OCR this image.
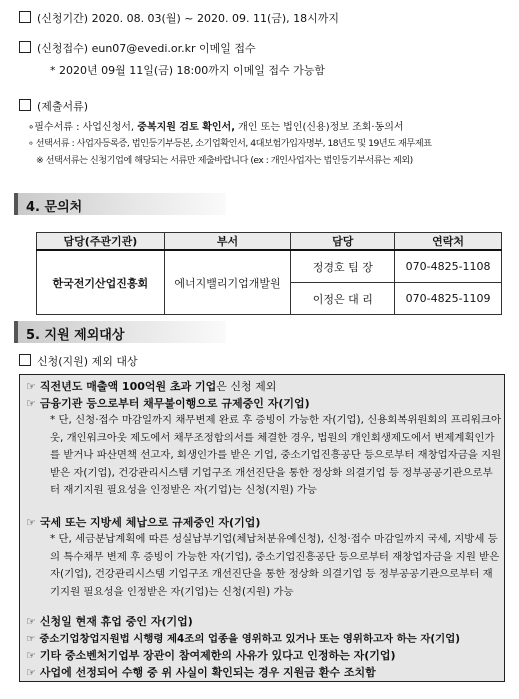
(신청기간) 2020. 08. 03(월) ~ 2020. 09. 11(금), 18시까지
(신청접수) eun07@evedi.or.kr 이메일 접수
* 2020년 09월 11일(금) 18:00까지 이메일 접수 가능함
(제출서류)
∘필수서류 : 사업신청서, 중복지원 검토 확인서, 개인 또는 법인(신용)정보 조회·동의서
∘ 선택서류 : 사업자등록증, 법인등기부등본, 소기업확인서, 4대보험가입자명부, 18년도 및 19년도 재무제표
※ 선택서류는 신청기업에 해당되는 서류만 제출바랍니다 (ex : 개인사업자는 법인등기부서류는 제외)
4. 문의처
담당(주관기관)	부서	담당	연락처
한국전기산업진흥회	에너지밸리기업개발원	정경호 팀 장	070-4825-1108
		이정은 대 리	070-4825-1109
5. 지원 제외대상
신청(지원) 제외 대상
☞ 직전년도 매출액 100억원 초과 기업은 신청 제외
☞ 금융기관 등으로부터 채무불이행으로 규제중인 자(기업)
* 단, 신청·접수 마감일까지 채무변제 완료 후 증빙이 가능한 자(기업), 신용회복위원회의 프리워크아웃, 개인워크아웃 제도에서 채무조정합의서를 체결한 경우, 법원의 개인회생제도에서 변제계획인가를 받거나 파산면책 선고자, 회생인가를 받은 기업, 중소기업진흥공단 등으로부터 재창업자금을 지원 받은 자(기업), 건강관리시스템 기업구조 개선진단을 통한 정상화 의결기업 등 정부공공기관으로부터 재기지원 필요성을 인정받은 자(기업)는 신청(지원) 가능
☞ 국세 또는 지방세 체납으로 규제중인 자(기업)
* 단, 세금분납계획에 따른 성실납부기업(체납처분유예신청), 신청·접수 마감일까지 국세, 지방세 등의 특수채무 변제 후 증빙이 가능한 자(기업), 중소기업진흥공단 등으로부터 재창업자금을 지원 받은 자(기업), 건강관리시스템 기업구조 개선진단을 통한 정상화 의결기업 등 정부공공기관으로부터 재기지원 필요성을 인정받은 자(기업)는 신청(지원) 가능
☞ 신청일 현재 휴업 중인 자(기업)
☞ 중소기업창업지원법 시행령 제4조의 업종을 영위하고 있거나 또는 영위하고자 하는 자(기업)
☞ 기타 중소벤처기업부 장관이 참여제한의 사유가 있다고 인정하는 자(기업)
☞ 사업에 선정되어 수행 중 위 사실이 확인되는 경우 지원금 환수 조치함
